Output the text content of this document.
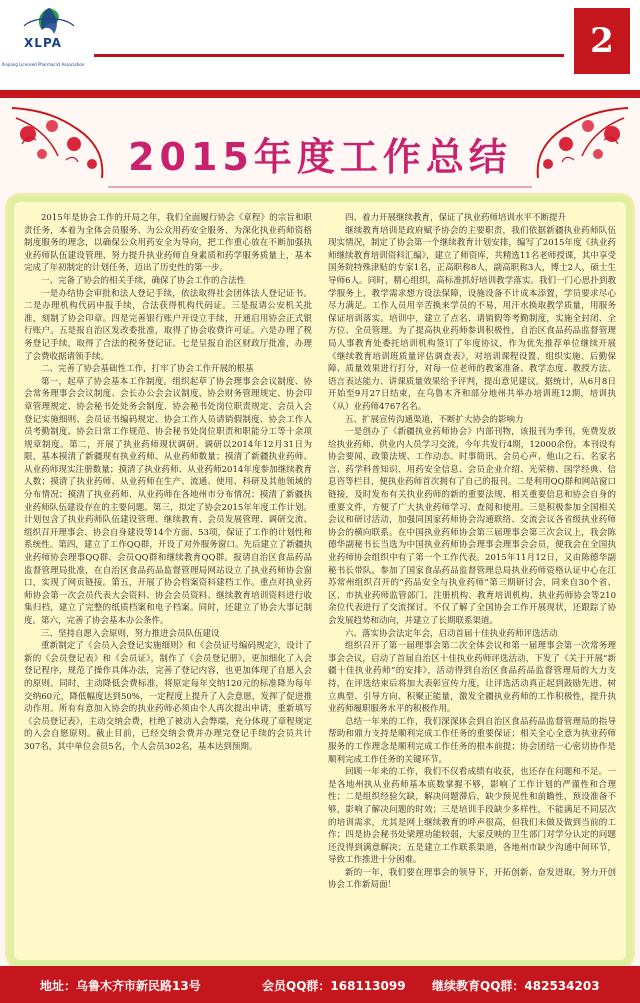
XLPA
Xinjiang Licensed Pharmacist Association
2
2015年度工作总结

2015年是协会工作的开局之年，我们全面履行协会《章程》的宗旨和职责任务，本着为全体会员服务、为公众用药安全服务、为深化执业药师资格制度服务的理念，以确保公众用药安全为导向，把工作重心放在不断加强执业药师队伍建设管理、努力提升执业药师自身素质和药学服务质量上，基本完成了年初制定的计划任务，迈出了历史性的第一步。

一、完备了协会的相关手续，确保了协会工作的合法性

一是办结协会审批和法人登记手续，依法取得社会团体法人登记证书。二是办理机构代码申报手续，合法获得机构代码证。三是报请公安机关批准，刻制了协会印章。四是完善银行账户开设立手续，开通启用协会正式银行账户。五是报自治区发改委批准，取得了协会收费许可证。六是办理了税务登记手续，取得了合法的税务登记证。七是呈报自治区财政厅批准，办理了会费收据请领手续。

二、完善了协会基础性工作，打牢了协会工作开展的根基

第一，起草了协会基本工作制度。组织起草了协会理事会会议制度、协会常务理事会会议制度、会长办公会会议制度、协会财务管理规定、协会印章管理规定、协会秘书处处务会制度、协会秘书处岗位职责规定、会员入会登记实施细则、会员证书编码规定、协会工作人员请销假制度、协会工作人员考勤制度、协会日常工作规范、协会秘书处岗位职责和职能分工等十余项规章制度。第二，开展了执业药师现状调研。调研以2014年12月31日为限，基本摸清了新疆现有执业药师、从业药师数量；摸清了新疆执业药师、从业药师现实注册数量；摸清了执业药师、从业药师2014年度参加继续教育人数；摸清了执业药师、从业药师在生产、流通、使用、科研及其他领域的分布情况；摸清了执业药师、从业药师在各地州市分布情况；摸清了新疆执业药师队伍建设存在的主要问题。第三，拟定了协会2015年年度工作计划。计划包含了执业药师队伍建设管理、继续教育、会员发展管理、调研交流、组织召开理事会、协会自身建设等14个方面、53项，保证了工作的计划性和系统性。第四，建立了工作QQ群，开设了对外服务窗口。先后建立了新疆执业药师协会理事QQ群、会员QQ群和继续教育QQ群。报请自治区食品药品监督管理局批准，在自治区食品药品监督管理局网站设立了执业药师协会窗口，实现了网页链接。第五，开展了协会档案资料建档工作。重点对执业药师协会第一次会员代表大会资料、协会会员资料、继续教育培训资料进行收集归档，建立了完整的纸质档案和电子档案。同时，还建立了协会大事记制度。第六，完善了协会基本办公条件。

三、坚持自愿入会原则，努力推进会员队伍建设

重新制定了《会员入会登记实施细则》和《会员证号编码规定》，设计了新的《会员登记表》和《会员证》，制作了《会员登记册》，更加细化了入会登记程序，规范了操作具体办法，完善了登记内容，也更加体现了自愿入会的原则。同时，主动降低会费标准，将原定每年交纳120元的标准降为每年交纳60元，降低幅度达到50%，一定程度上提升了入会意愿，发挥了促进推动作用。所有有意加入协会的执业药师必须由个人再次提出申请，重新填写《会员登记表》，主动交纳会费，杜绝了被动入会弊端，充分体现了章程规定的入会自愿原则。截止目前，已经交纳会费并办理完登记手续的会员共计307名，其中单位会员5名，个人会员302名，基本达到预期。

四、着力开展继续教育，保证了执业药师培训水平不断提升

继续教育培训是政府赋予协会的主要职责，我们依据新疆执业药师队伍现实情况，制定了协会第一个继续教育计划安排，编写了2015年度《执业药师继续教育培训资料汇编》，建立了师资库，共精选11名老师授课，其中享受国务院特殊津贴的专家1名，正高职称8人，副高职称3人，博士2人，硕士生导师6人。同时，精心组织，高标准抓好培训教学落实。我们一门心思扑到教学服务上，教学需求想方设法保障，设施设备不计成本添置，学员要求尽心尽力满足。工作人员用辛苦换来学员的不易，用汗水换取教学质量，用服务保证培训落实。培训中，建立了点名、请销假等考勤制度，实施全封闭、全方位、全员管理。为了提高执业药师参训积极性，自治区食品药品监督管理局人事教育处委托培训机构签订了年度协议，作为优先推荐单位继续开展《继续教育培训班质量评估调查表》，对培训课程设置、组织实施、后勤保障、质量效果进行打分，对每一位老师的教案准备、教学态度、教授方法、语言表达能力、讲课质量效果给予评判，提出意见建议。据统计，从6月8日开始至9月27日结束，在乌鲁木齐和部分地州共举办培训班12期，培训执（从）业药师4767名名。

五、扩展宣传沟通渠道，不断扩大协会的影响力

一是创办了《新疆执业药师协会》内部刊物，该报刊为季刊，免费发放给执业药师、供业内人员学习交流，今年共发行4期，12000余份。本刊设有协会要闻、政策法规、工作动态、时事简讯、会员心声、他山之石、名家名言、药学科普知识、用药安全信息、会员企业介绍、光荣榜、国学经典、信息咨等栏目，便执业药师首次拥有了自己的报刊。二是利用QQ群和网站窗口链接，及时发布有关执业药师的新的重要法规、相关重要信息和协会自身的重要文件，方便了广大执业药师学习、查阅和使用。三是积极参加全国相关会议和研讨活动，加强同国家药师协会沟通联络、交流会议各省级执业药师协会的横向联系。在中国执业药师协会第三届理事会第三次会议上，我会陈德华副秘书长当选为中国执业药师协会理事会理事会会员，便我会在全国执业药师协会组织中有了第一个工作代表。2015年11月12日，又由陈德华副秘书长带队，参加了国家食品药品监督管理总局执业药师资格认证中心在江苏常州组织召开的“药品安全与执业药师”第三期研讨会，同来自30个省、区、市执业药师监管部门、注册机构、教育培训机构、执业药师协会等210余位代表进行了交流探讨。不仅了解了全国协会工作开展现状，还跟踪了协会发展趋势和动向，并建立了长期联系渠道。

六、落实协会法定年会，启动首届十佳执业药师评选活动

组织召开了第一届理事会第二次全体会议和第一届理事会第一次常务理事会会议，启动了首届自治区十佳执业药师评选活动，下发了《关于开展“新疆十佳执业药师”的安排》，活动得到自治区食品药品监督管理局的大力支持，在评选结束后将加大表彰宣传力度，让评选活动真正起到鼓励先进、树立典型、引导方向、积聚正能量，激发全疆执业药师的工作积极性，提升执业药师履职服务水平的积极作用。

总结一年来的工作，我们深深体会到自治区食品药品监督管理局的指导帮助和鼎力支持是顺利完成工作任务的重要保证；相关全心全意为执业药师服务的工作理念是顺利完成工作任务的根本前提；协会团结一心密切协作是顺利完成工作任务的关键环节。

回顾一年来的工作，我们不仅看成绩有收获，也还存在问题和不足。一是各地州执从业药师基本底数掌握不够，影响了工作计划的严谨性和合理性；二是组织经验欠缺，解决问题滞后，缺少预见性和前瞻性，预设准备不够，影响了解决问题的时效；三是培训手段缺少多样性，不能满足不同层次的培训需求，尤其是网上继续教育的呼声很高，但我们未做及做到当前的工作；四是协会秘书处梁理功能较弱，大家反映的卫生部门对学分认定的问题还没得到满意解决；五是建立工作联系渠道，各地州市缺少沟通中间环节，导致工作推进十分困难。

新的一年，我们要在理事会的领导下，开拓创新、奋发进取，努力开创协会工作新局面！

地址：乌鲁木齐市新民路13号	会员QQ群：168113099 继续教育QQ群：482534203
